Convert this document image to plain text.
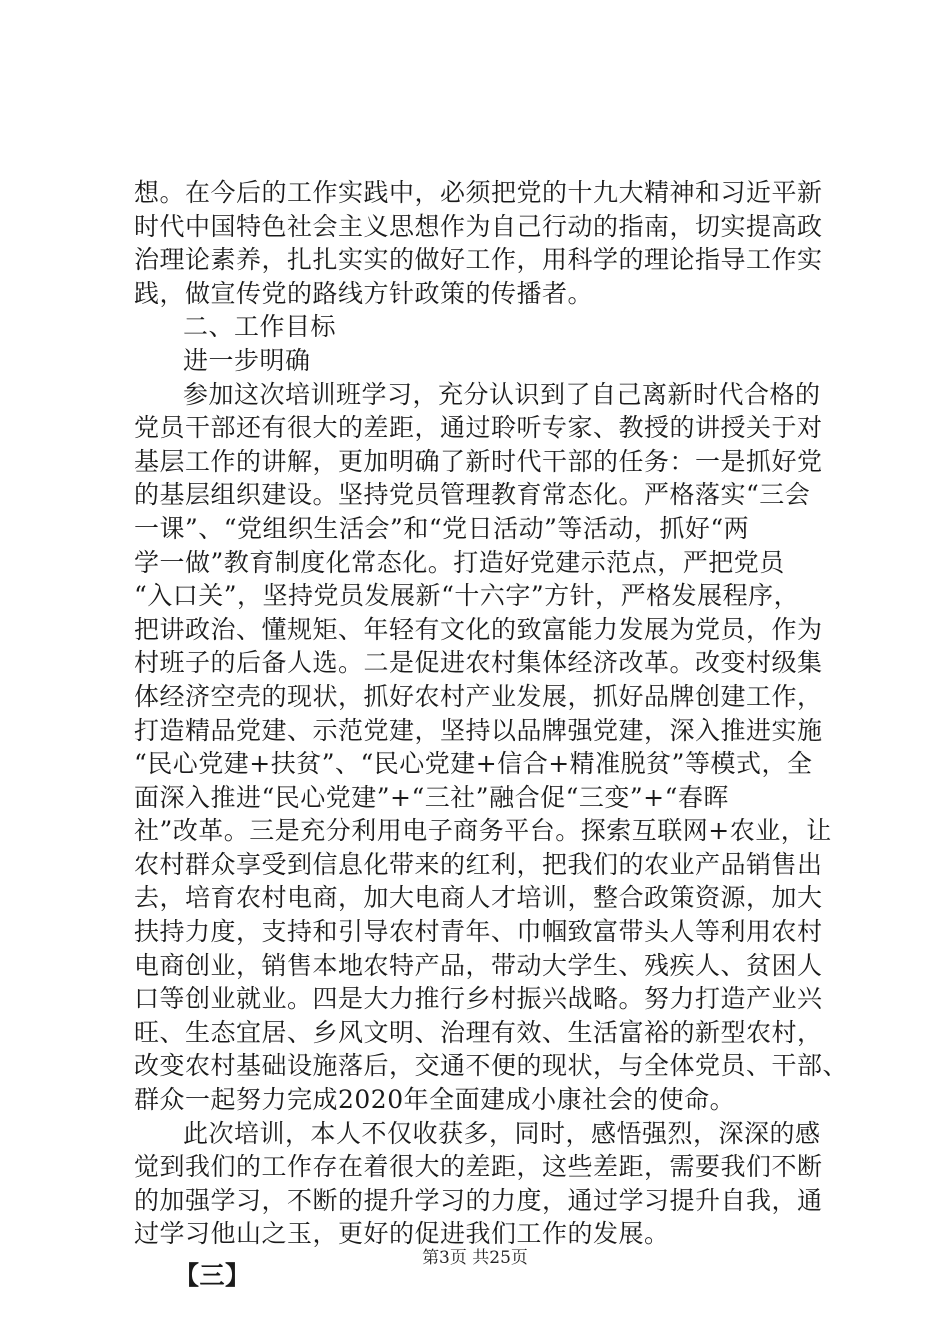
想。在今后的工作实践中，必须把党的十九大精神和习近平新
时代中国特色社会主义思想作为自己行动的指南，切实提高政
治理论素养，扎扎实实的做好工作，用科学的理论指导工作实
践，做宣传党的路线方针政策的传播者。
二、工作目标
进一步明确
参加这次培训班学习，充分认识到了自己离新时代合格的
党员干部还有很大的差距，通过聆听专家、教授的讲授关于对
基层工作的讲解，更加明确了新时代干部的任务：一是抓好党
的基层组织建设。坚持党员管理教育常态化。严格落实“三会
一课”、“党组织生活会”和“党日活动”等活动，抓好“两
学一做”教育制度化常态化。打造好党建示范点，严把党员
“入口关”，坚持党员发展新“十六字”方针，严格发展程序，
把讲政治、懂规矩、年轻有文化的致富能力发展为党员，作为
村班子的后备人选。二是促进农村集体经济改革。改变村级集
体经济空壳的现状，抓好农村产业发展，抓好品牌创建工作，
打造精品党建、示范党建，坚持以品牌强党建，深入推进实施
“民心党建+扶贫”、“民心党建+信合+精准脱贫”等模式，全
面深入推进“民心党建”+“三社”融合促“三变”+“春晖
社”改革。三是充分利用电子商务平台。探索互联网+农业，让
农村群众享受到信息化带来的红利，把我们的农业产品销售出
去，培育农村电商，加大电商人才培训，整合政策资源，加大
扶持力度，支持和引导农村青年、巾帼致富带头人等利用农村
电商创业，销售本地农特产品，带动大学生、残疾人、贫困人
口等创业就业。四是大力推行乡村振兴战略。努力打造产业兴
旺、生态宜居、乡风文明、治理有效、生活富裕的新型农村，
改变农村基础设施落后，交通不便的现状，与全体党员、干部、
群众一起努力完成2020年全面建成小康社会的使命。
此次培训，本人不仅收获多，同时，感悟强烈，深深的感
觉到我们的工作存在着很大的差距，这些差距，需要我们不断
的加强学习，不断的提升学习的力度，通过学习提升自我，通
过学习他山之玉，更好的促进我们工作的发展。
【三】
第3页 共25页
